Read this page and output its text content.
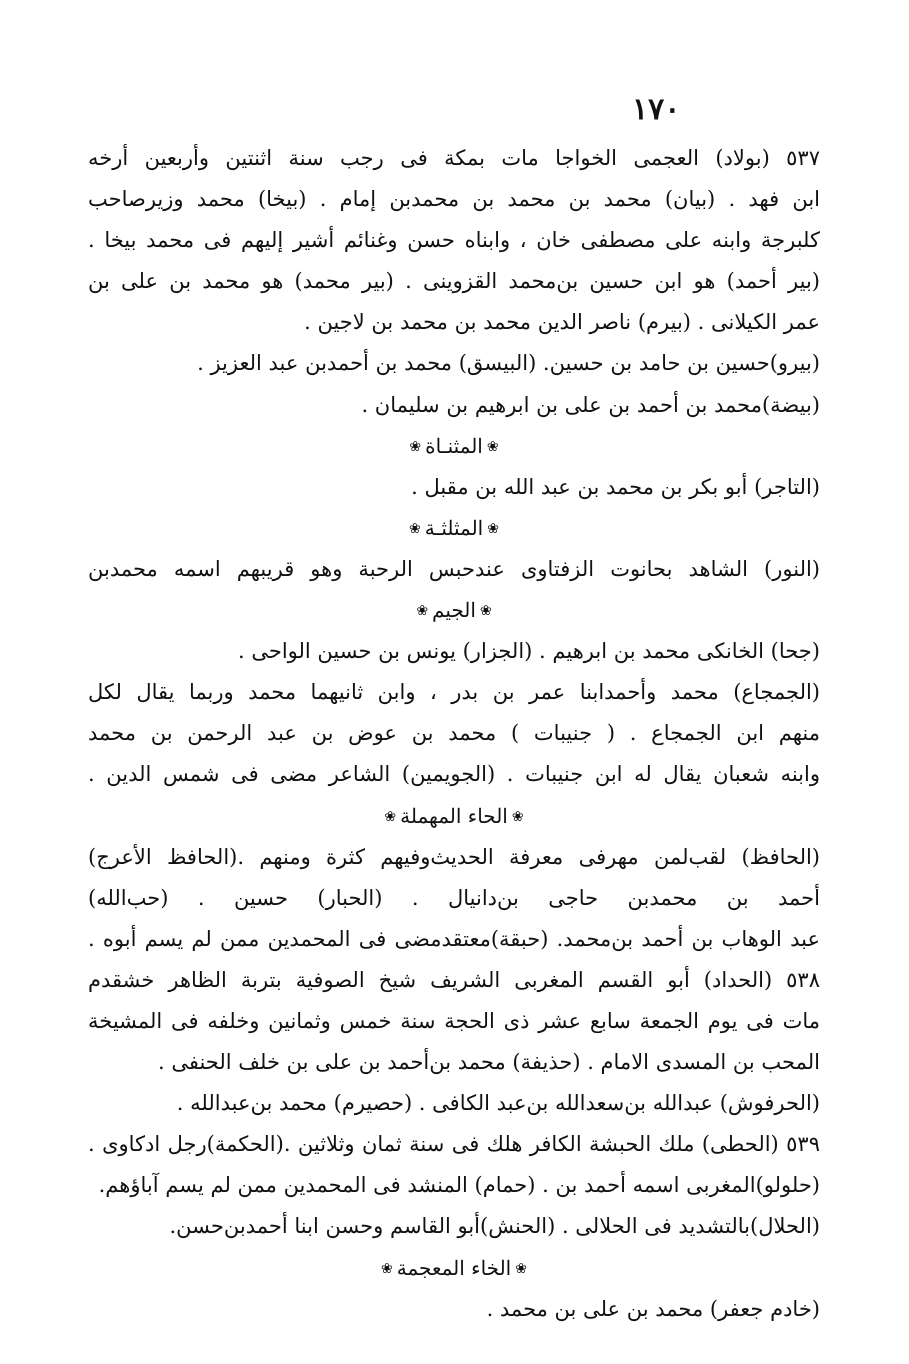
١٧٠
٥٣٧ (بولاد) العجمى الخواجا مات بمكة فى رجب سنة اثنتين وأربعين أرخه
ابن فهد . (بيان) محمد بن محمد بن محمدبن إمام . (بيخا) محمد وزيرصاحب
كلبرجة وابنه على مصطفى خان ، وابناه حسن وغنائم أشير إليهم فى محمد بيخا .
(بير أحمد) هو ابن حسين بن‌محمد القزوينى . (بير محمد) هو محمد بن على بن
عمر الكيلانى . (بيرم) ناصر الدين محمد بن محمد بن لاجين .
(بيرو)حسين بن حامد بن حسين. (البيسق) محمد بن أحمدبن عبد العزيز .
(بيضة)محمد بن أحمد بن على بن ابرهيم بن سليمان .
❀المثنـاة❀
(التاجر) أبو بكر بن محمد بن عبد الله بن مقبل .
❀المثلثـة❀
(النور) الشاهد بحانوت الزفتاوى عندحبس الرحبة وهو قريبهم اسمه محمدبن
❀الجيم❀
(جحا) الخانكى محمد بن ابرهيم . (الجزار) يونس بن حسين الواحى .
(الجمجاع) محمد وأحمدابنا عمر بن بدر ، وابن ثانيهما محمد وربما يقال لكل
منهم ابن الجمجاع . ( جنيبات ) محمد بن عوض بن عبد الرحمن بن محمد
وابنه شعبان يقال له ابن جنيبات . (الجويمين) الشاعر مضى فى شمس الدين .
❀الحاء المهملة❀
(الحافظ) لقب‌لمن مهرفى معرفة الحديث‌وفيهم كثرة ومنهم .(الحافظ الأعرج)
أحمد بن محمدبن حاجى بن‌دانيال . (الحبار) حسين . (حب‌الله)
عبد الوهاب بن أحمد بن‌محمد. (حبقة)معتقدمضى فى المحمدين ممن لم يسم أبوه .
٥٣٨ (الحداد) أبو القسم المغربى الشريف شيخ الصوفية بتربة الظاهر خشقدم
مات فى يوم الجمعة سابع عشر ذى الحجة سنة خمس وثمانين وخلفه فى المشيخة
المحب بن المسدى الامام . (حذيفة) محمد بن‌أحمد بن على بن خلف الحنفى .
(الحرفوش) عبدالله بن‌سعدالله بن‌عبد الكافى . (حصيرم) محمد بن‌عبدالله .
٥٣٩ (الحطى) ملك الحبشة الكافر هلك فى سنة ثمان وثلاثين .(الحكمة)رجل ادكاوى .
(حلولو)المغربى اسمه أحمد بن . (حمام) المنشد فى المحمدين ممن لم يسم آباؤهم.
(الحلال)بالتشديد فى الحلالى . (الحنش)أبو القاسم وحسن ابنا أحمدبن‌حسن.
❀الخاء المعجمة❀
(خادم جعفر) محمد بن على بن محمد .
